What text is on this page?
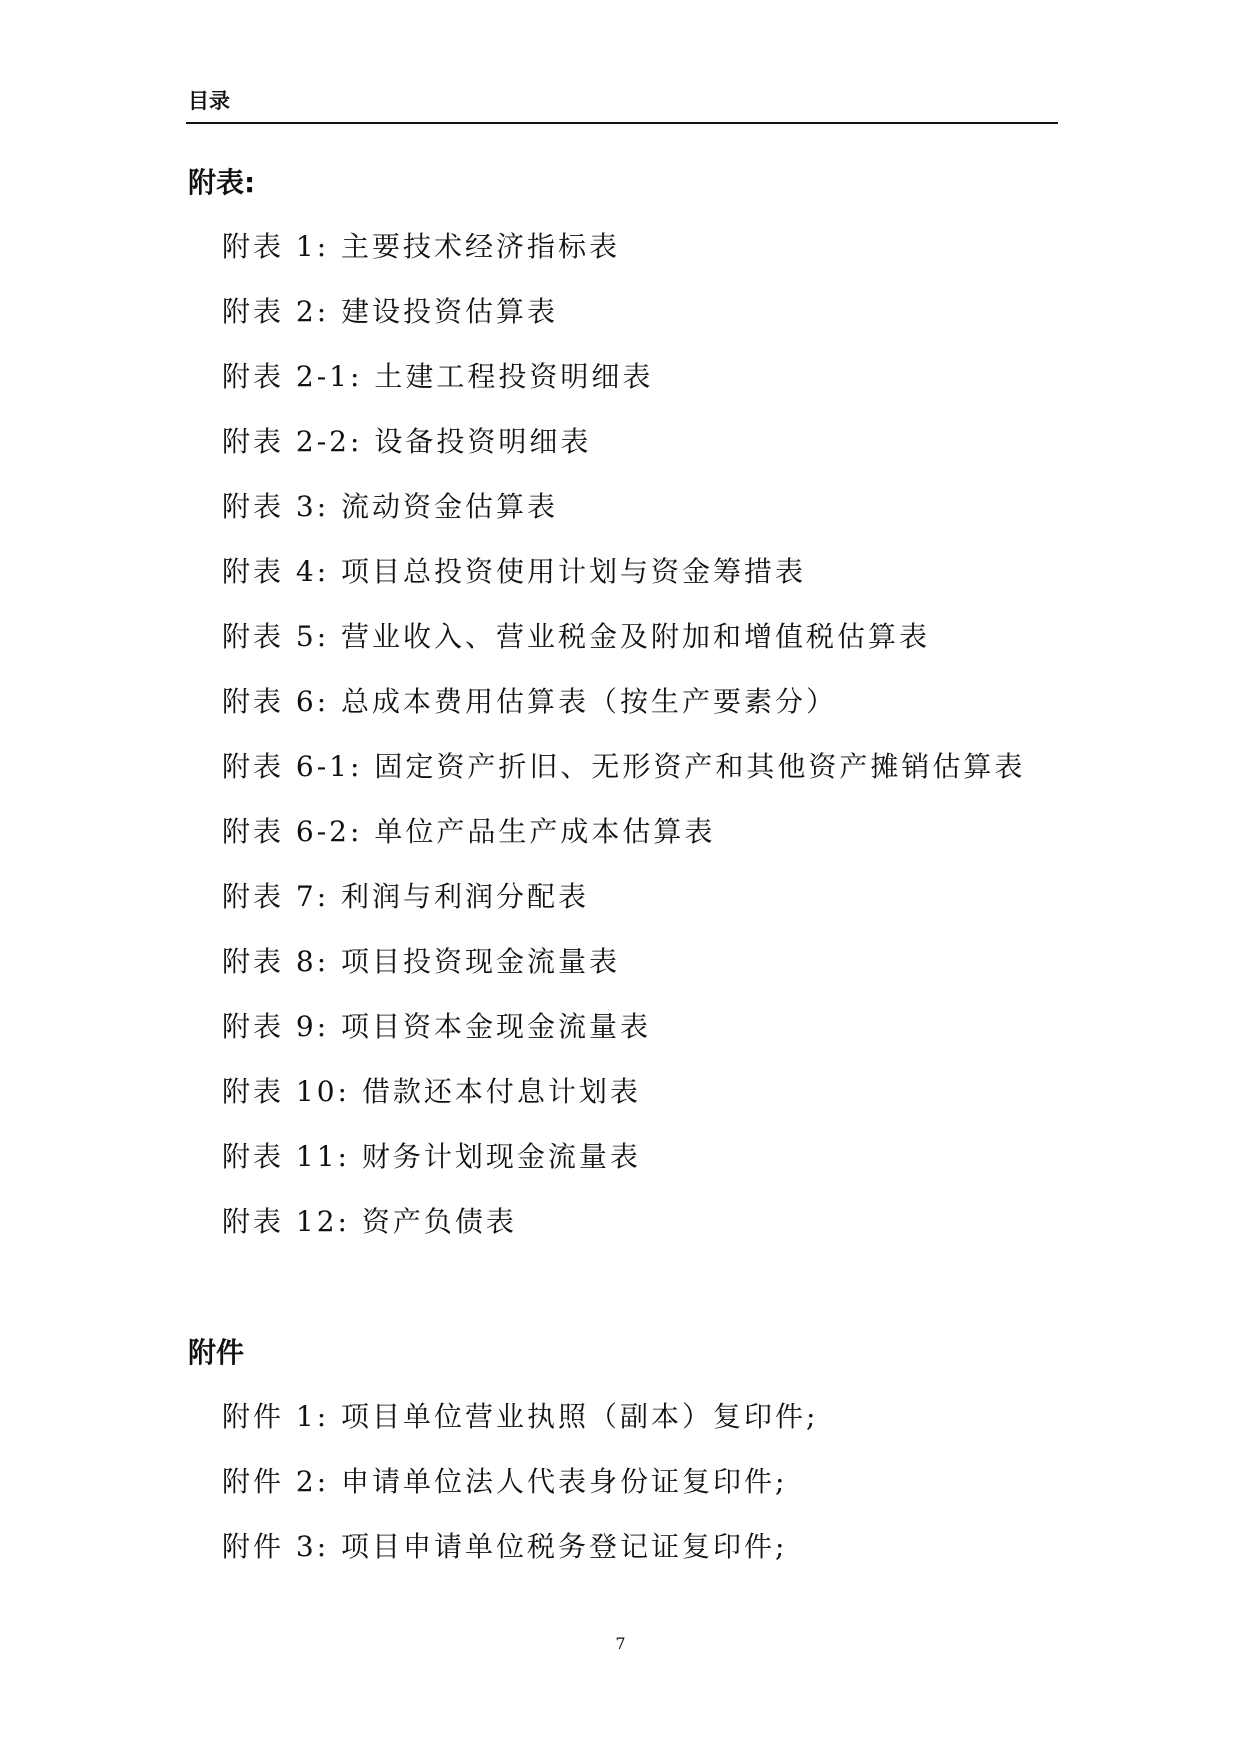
目录
附表:
附表 1: 主要技术经济指标表
附表 2: 建设投资估算表
附表 2-1: 土建工程投资明细表
附表 2-2: 设备投资明细表
附表 3: 流动资金估算表
附表 4: 项目总投资使用计划与资金筹措表
附表 5: 营业收入、营业税金及附加和增值税估算表
附表 6: 总成本费用估算表（按生产要素分）
附表 6-1: 固定资产折旧、无形资产和其他资产摊销估算表
附表 6-2: 单位产品生产成本估算表
附表 7: 利润与利润分配表
附表 8: 项目投资现金流量表
附表 9: 项目资本金现金流量表
附表 10: 借款还本付息计划表
附表 11: 财务计划现金流量表
附表 12: 资产负债表
附件
附件 1: 项目单位营业执照（副本）复印件;
附件 2: 申请单位法人代表身份证复印件;
附件 3: 项目申请单位税务登记证复印件;
7
